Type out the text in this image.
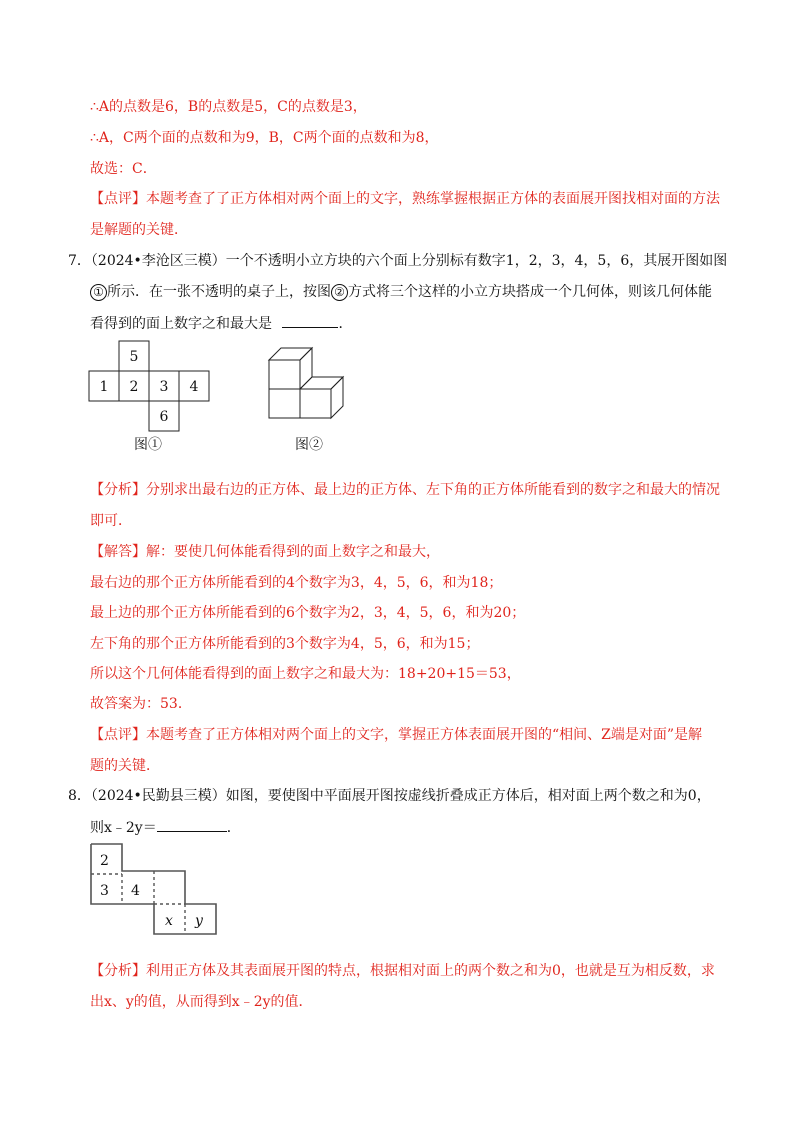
∴A的点数是6，B的点数是5，C的点数是3，
∴A，C两个面的点数和为9，B，C两个面的点数和为8，
故选：C．
【点评】本题考查了了正方体相对两个面上的文字，熟练掌握根据正方体的表面展开图找相对面的方法
是解题的关键．
7．（2024•李沧区三模）一个不透明小立方块的六个面上分别标有数字1，2，3，4，5，6，其展开图如图
① 所示．在一张不透明的桌子上，按图 ② 方式将三个这样的小立方块搭成一个几何体，则该几何体能
看得到的面上数字之和最大是	．
5
1 2 3 4
6
图①	图②
【分析】分别求出最右边的正方体、最上边的正方体、左下角的正方体所能看到的数字之和最大的情况
即可．
【解答】解：要使几何体能看得到的面上数字之和最大，
最右边的那个正方体所能看到的4个数字为3，4，5，6，和为18；
最上边的那个正方体所能看到的6个数字为2，3，4，5，6，和为20；
左下角的那个正方体所能看到的3个数字为4，5，6，和为15；
所以这个几何体能看得到的面上数字之和最大为：18+20+15＝53，
故答案为：53．
【点评】本题考查了正方体相对两个面上的文字，掌握正方体表面展开图的“相间、Z端是对面”是解
题的关键．
8．（2024•民勤县三模）如图，要使图中平面展开图按虚线折叠成正方体后，相对面上两个数之和为0，
则x﹣2y＝	．
2
3 4
x y
【分析】利用正方体及其表面展开图的特点，根据相对面上的两个数之和为0，也就是互为相反数，求
出x、y的值，从而得到x﹣2y的值．
